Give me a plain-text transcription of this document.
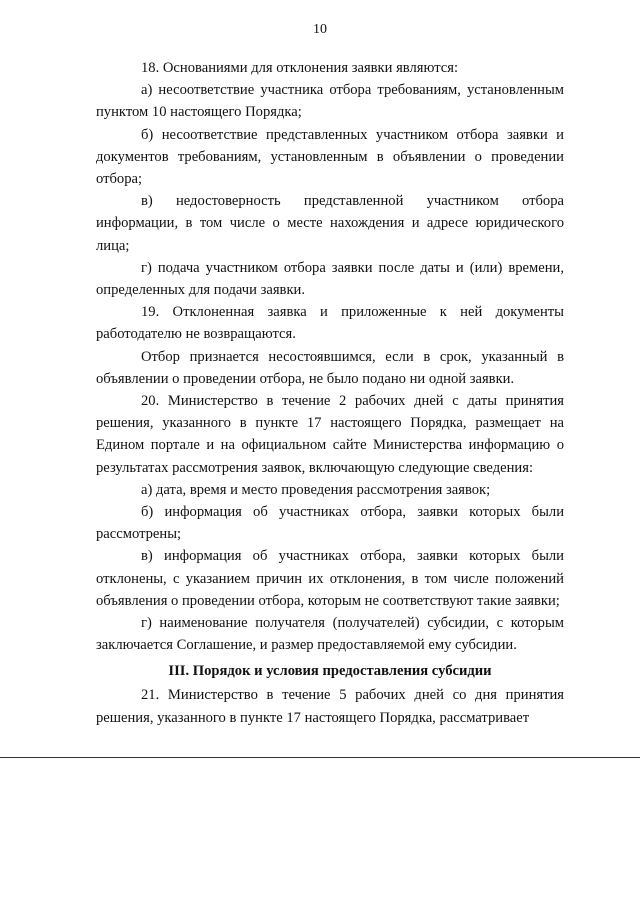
10

18. Основаниями для отклонения заявки являются:

а) несоответствие участника отбора требованиям, установленным пунктом 10 настоящего Порядка;

б) несоответствие представленных участником отбора заявки и документов требованиям, установленным в объявлении о проведении отбора;

в) недостоверность представленной участником отбора информации, в том числе о месте нахождения и адресе юридического лица;

г) подача участником отбора заявки после даты и (или) времени, определенных для подачи заявки.

19. Отклоненная заявка и приложенные к ней документы работодателю не возвращаются.

Отбор признается несостоявшимся, если в срок, указанный в объявлении о проведении отбора, не было подано ни одной заявки.

20. Министерство в течение 2 рабочих дней с даты принятия решения, указанного в пункте 17 настоящего Порядка, размещает на Едином портале и на официальном сайте Министерства информацию о результатах рассмотрения заявок, включающую следующие сведения:

а) дата, время и место проведения рассмотрения заявок;

б) информация об участниках отбора, заявки которых были рассмотрены;

в) информация об участниках отбора, заявки которых были отклонены, с указанием причин их отклонения, в том числе положений объявления о проведении отбора, которым не соответствуют такие заявки;

г) наименование получателя (получателей) субсидии, с которым заключается Соглашение, и размер предоставляемой ему субсидии.

III. Порядок и условия предоставления субсидии

21. Министерство в течение 5 рабочих дней со дня принятия решения, указанного в пункте 17 настоящего Порядка, рассматривает
